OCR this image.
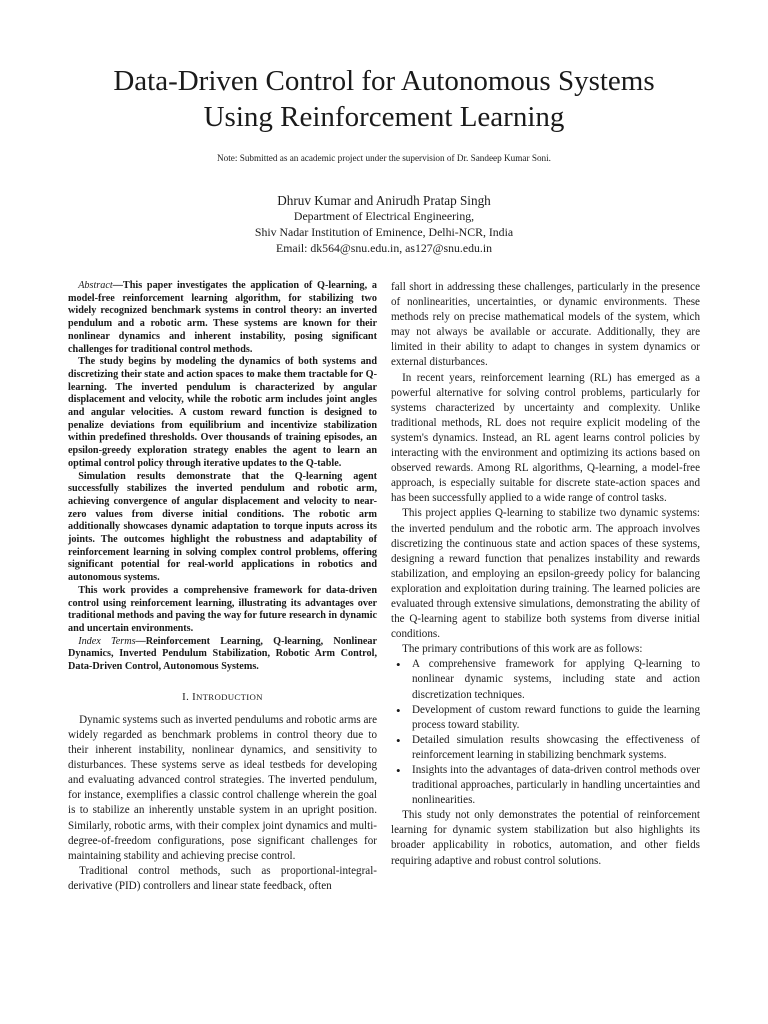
Data-Driven Control for Autonomous Systems
Using Reinforcement Learning
Note: Submitted as an academic project under the supervision of Dr. Sandeep Kumar Soni.
Dhruv Kumar and Anirudh Pratap Singh
Department of Electrical Engineering,
Shiv Nadar Institution of Eminence, Delhi-NCR, India
Email: dk564@snu.edu.in, as127@snu.edu.in

Abstract—This paper investigates the application of Q-learning, a model-free reinforcement learning algorithm, for stabilizing two widely recognized benchmark systems in control theory: an inverted pendulum and a robotic arm. These systems are known for their nonlinear dynamics and inherent instability, posing significant challenges for traditional control methods.

The study begins by modeling the dynamics of both systems and discretizing their state and action spaces to make them tractable for Q-learning. The inverted pendulum is characterized by angular displacement and velocity, while the robotic arm includes joint angles and angular velocities. A custom reward function is designed to penalize deviations from equilibrium and incentivize stabilization within predefined thresholds. Over thousands of training episodes, an epsilon-greedy exploration strategy enables the agent to learn an optimal control policy through iterative updates to the Q-table.

Simulation results demonstrate that the Q-learning agent successfully stabilizes the inverted pendulum and robotic arm, achieving convergence of angular displacement and velocity to near-zero values from diverse initial conditions. The robotic arm additionally showcases dynamic adaptation to torque inputs across its joints. The outcomes highlight the robustness and adaptability of reinforcement learning in solving complex control problems, offering significant potential for real-world applications in robotics and autonomous systems.

This work provides a comprehensive framework for data-driven control using reinforcement learning, illustrating its advantages over traditional methods and paving the way for future research in dynamic and uncertain environments.

Index Terms—Reinforcement Learning, Q-learning, Nonlinear Dynamics, Inverted Pendulum Stabilization, Robotic Arm Control, Data-Driven Control, Autonomous Systems.

I. INTRODUCTION

Dynamic systems such as inverted pendulums and robotic arms are widely regarded as benchmark problems in control theory due to their inherent instability, nonlinear dynamics, and sensitivity to disturbances. These systems serve as ideal testbeds for developing and evaluating advanced control strategies. The inverted pendulum, for instance, exemplifies a classic control challenge wherein the goal is to stabilize an inherently unstable system in an upright position. Similarly, robotic arms, with their complex joint dynamics and multi-degree-of-freedom configurations, pose significant challenges for maintaining stability and achieving precise control.

Traditional control methods, such as proportional-integral-derivative (PID) controllers and linear state feedback, often

fall short in addressing these challenges, particularly in the presence of nonlinearities, uncertainties, or dynamic environments. These methods rely on precise mathematical models of the system, which may not always be available or accurate. Additionally, they are limited in their ability to adapt to changes in system dynamics or external disturbances.

In recent years, reinforcement learning (RL) has emerged as a powerful alternative for solving control problems, particularly for systems characterized by uncertainty and complexity. Unlike traditional methods, RL does not require explicit modeling of the system's dynamics. Instead, an RL agent learns control policies by interacting with the environment and optimizing its actions based on observed rewards. Among RL algorithms, Q-learning, a model-free approach, is especially suitable for discrete state-action spaces and has been successfully applied to a wide range of control tasks.

This project applies Q-learning to stabilize two dynamic systems: the inverted pendulum and the robotic arm. The approach involves discretizing the continuous state and action spaces of these systems, designing a reward function that penalizes instability and rewards stabilization, and employing an epsilon-greedy policy for balancing exploration and exploitation during training. The learned policies are evaluated through extensive simulations, demonstrating the ability of the Q-learning agent to stabilize both systems from diverse initial conditions.

The primary contributions of this work are as follows:

• A comprehensive framework for applying Q-learning to nonlinear dynamic systems, including state and action discretization techniques.
• Development of custom reward functions to guide the learning process toward stability.
• Detailed simulation results showcasing the effectiveness of reinforcement learning in stabilizing benchmark systems.
• Insights into the advantages of data-driven control methods over traditional approaches, particularly in handling uncertainties and nonlinearities.

This study not only demonstrates the potential of reinforcement learning for dynamic system stabilization but also highlights its broader applicability in robotics, automation, and other fields requiring adaptive and robust control solutions.
